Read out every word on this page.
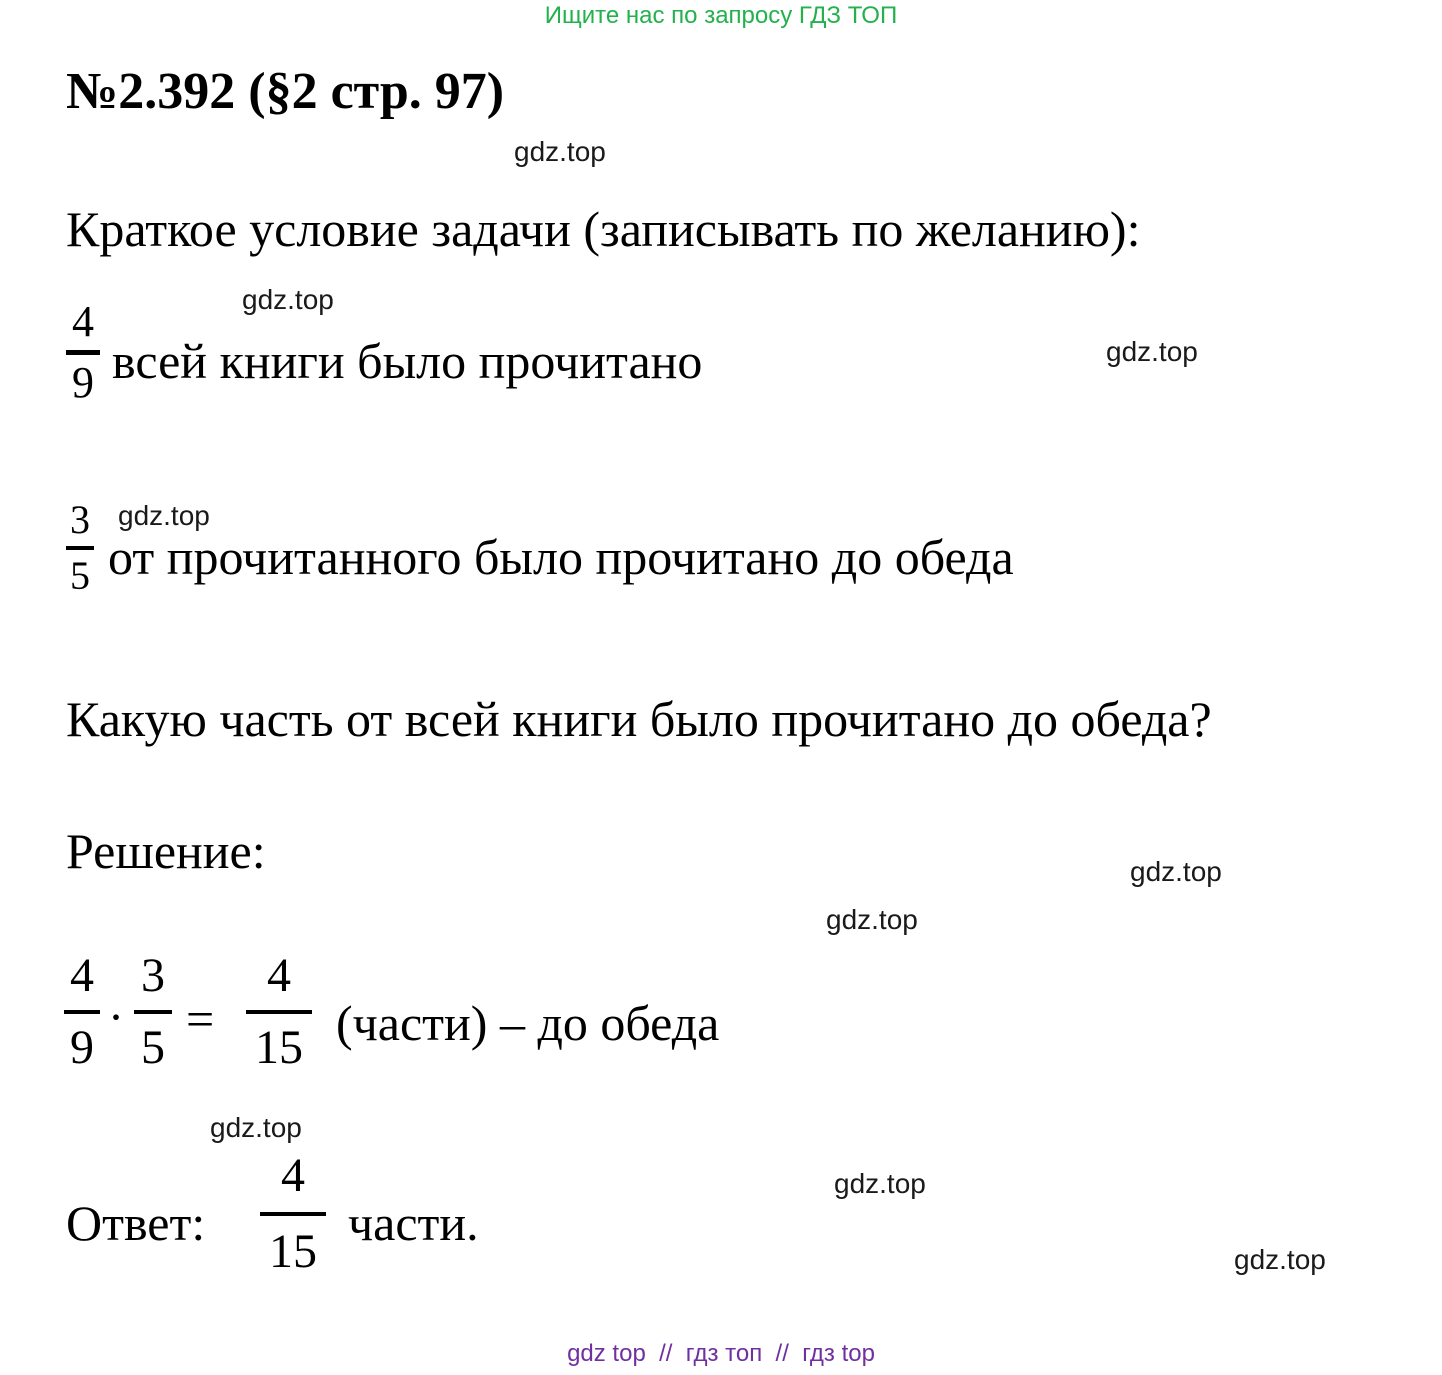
Ищите нас по запросу ГДЗ ТОП
№2.392 (§2 стр. 97)
Краткое условие задачи (записывать по желанию):
4
9 всей книги было прочитано
3
5 от прочитанного было прочитано до обеда
Какую часть от всей книги было прочитано до обеда?
Решение:
4
9
·
3
5
=
4
15 (части) – до обеда
Ответ:
4
15
части.
gdz.top
gdz.top
gdz.top
gdz.top
gdz.top
gdz.top
gdz.top
gdz.top
gdz.top
gdz top  //  гдз топ  //  гдз top
